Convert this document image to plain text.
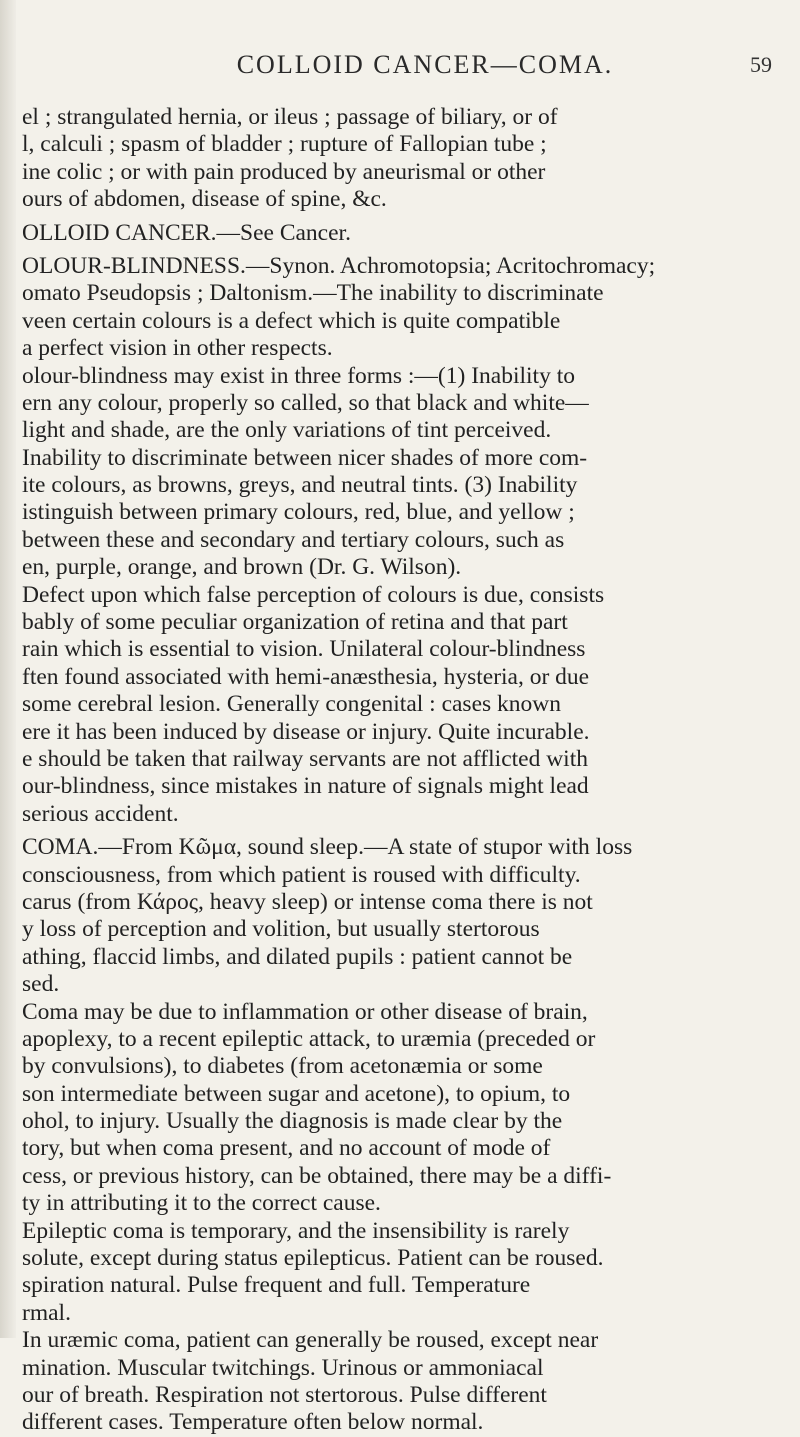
COLLOID CANCER—COMA.	59
el ; strangulated hernia, or ileus ; passage of biliary, or of
l, calculi ; spasm of bladder ; rupture of Fallopian tube ;
ine colic ; or with pain produced by aneurismal or other
ours of abdomen, disease of spine, &c.
OLLOID CANCER.—See Cancer.
OLOUR-BLINDNESS.—Synon. Achromotopsia; Acritochromacy;
omato Pseudopsis ; Daltonism.—The inability to discriminate
veen certain colours is a defect which is quite compatible
a perfect vision in other respects.
olour-blindness may exist in three forms :—(1) Inability to
ern any colour, properly so called, so that black and white—
light and shade, are the only variations of tint perceived.
Inability to discriminate between nicer shades of more com-
ite colours, as browns, greys, and neutral tints. (3) Inability
istinguish between primary colours, red, blue, and yellow ;
between these and secondary and tertiary colours, such as
en, purple, orange, and brown (Dr. G. Wilson).
Defect upon which false perception of colours is due, consists
bably of some peculiar organization of retina and that part
rain which is essential to vision. Unilateral colour-blindness
ften found associated with hemi-anæsthesia, hysteria, or due
some cerebral lesion. Generally congenital : cases known
ere it has been induced by disease or injury. Quite incurable.
e should be taken that railway servants are not afflicted with
our-blindness, since mistakes in nature of signals might lead
serious accident.
COMA.—From Κῶμα, sound sleep.—A state of stupor with loss
consciousness, from which patient is roused with difficulty.
carus (from Κάρος, heavy sleep) or intense coma there is not
y loss of perception and volition, but usually stertorous
athing, flaccid limbs, and dilated pupils : patient cannot be
sed.
Coma may be due to inflammation or other disease of brain,
apoplexy, to a recent epileptic attack, to uræmia (preceded or
by convulsions), to diabetes (from acetonæmia or some
son intermediate between sugar and acetone), to opium, to
ohol, to injury. Usually the diagnosis is made clear by the
tory, but when coma present, and no account of mode of
cess, or previous history, can be obtained, there may be a diffi-
ty in attributing it to the correct cause.
Epileptic coma is temporary, and the insensibility is rarely
solute, except during status epilepticus. Patient can be roused.
spiration natural. Pulse frequent and full. Temperature
rmal.
In uræmic coma, patient can generally be roused, except near
mination. Muscular twitchings. Urinous or ammoniacal
our of breath. Respiration not stertorous. Pulse different
different cases. Temperature often below normal.
